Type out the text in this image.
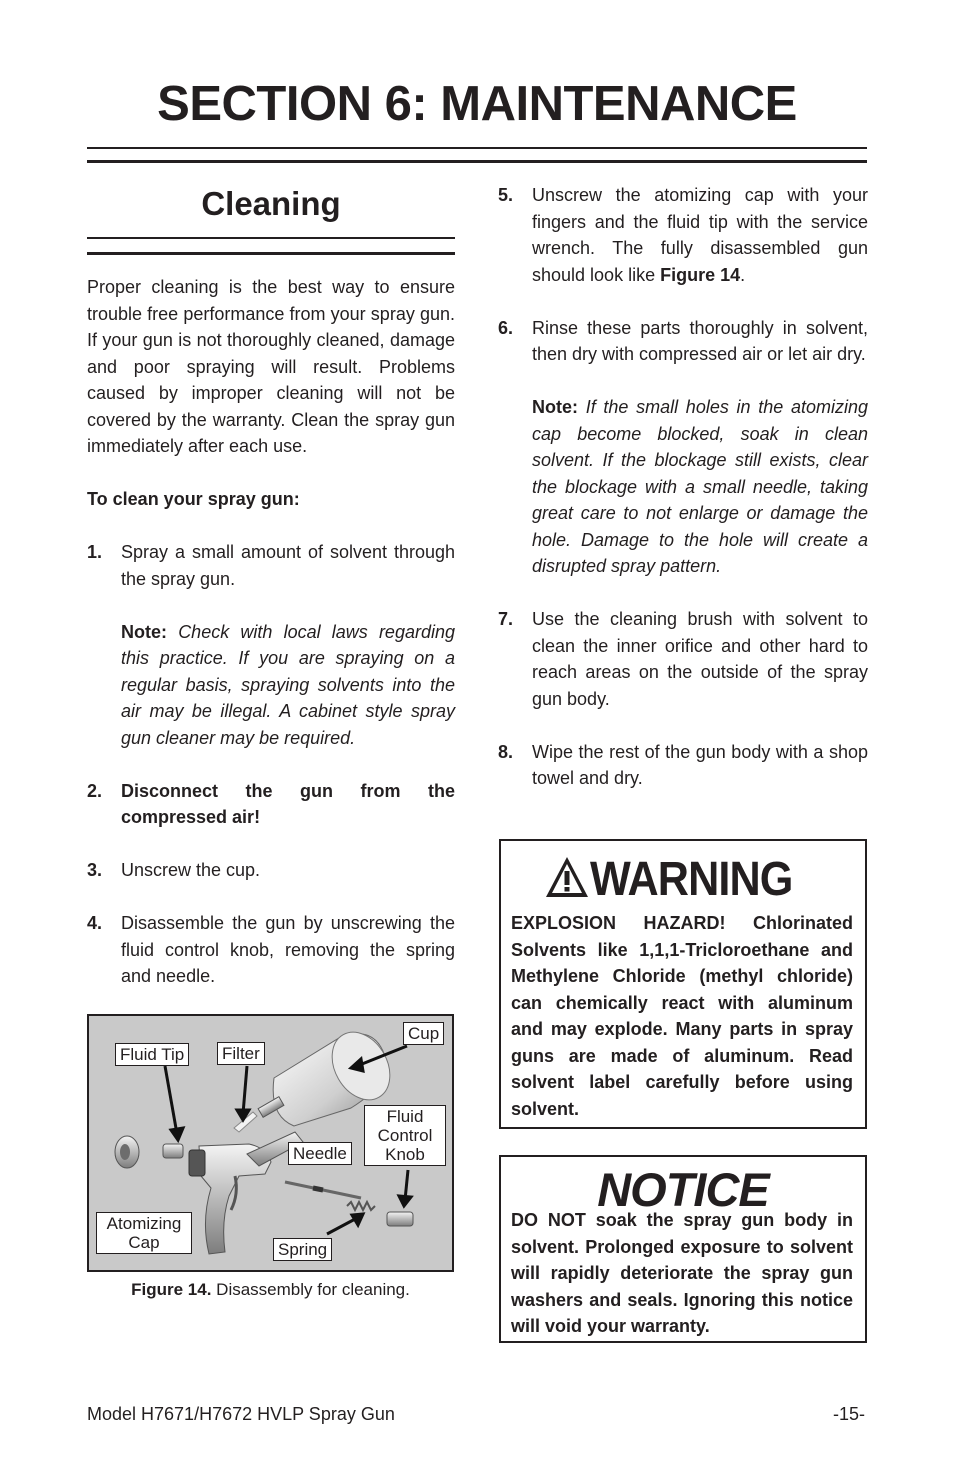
SECTION 6: MAINTENANCE
Cleaning

Proper cleaning is the best way to ensure trouble free performance from your spray gun. If your gun is not thoroughly cleaned, damage and poor spraying will result. Problems caused by improper cleaning will not be covered by the warranty. Clean the spray gun immediately after each use.

To clean your spray gun:

1.	Spray a small amount of solvent through the spray gun.
Note: Check with local laws regarding this practice. If you are spraying on a regular basis, spraying solvents into the air may be illegal. A cabinet style spray gun cleaner may be required.
2.	Disconnect the gun from the compressed air!
3.	Unscrew the cup.
4.	Disassemble the gun by unscrewing the fluid control knob, removing the spring and needle.
Cup
Fluid Tip Filter
Fluid
Control
Knob
Needle
Atomizing
Cap	Spring
Figure 14. Disassembly for cleaning.
5.	Unscrew the atomizing cap with your fingers and the fluid tip with the service wrench. The fully disassembled gun should look like Figure 14.
6.	Rinse these parts thoroughly in solvent, then dry with compressed air or let air dry.
Note: If the small holes in the atomizing cap become blocked, soak in clean solvent. If the blockage still exists, clear the blockage with a small needle, taking great care to not enlarge or damage the hole. Damage to the hole will create a disrupted spray pattern.
7.	Use the cleaning brush with solvent to clean the inner orifice and other hard to reach areas on the outside of the spray gun body.
8.	Wipe the rest of the gun body with a shop towel and dry.
WARNING
EXPLOSION HAZARD! Chlorinated Solvents like 1,1,1-Tricloroethane and Methylene Chloride (methyl chloride) can chemically react with aluminum and may explode. Many parts in spray guns are made of aluminum. Read solvent label carefully before using solvent.
NOTICE
DO NOT soak the spray gun body in solvent. Prolonged exposure to solvent will rapidly deteriorate the spray gun washers and seals. Ignoring this notice will void your warranty.
Model H7671/H7672 HVLP Spray Gun	-15-
